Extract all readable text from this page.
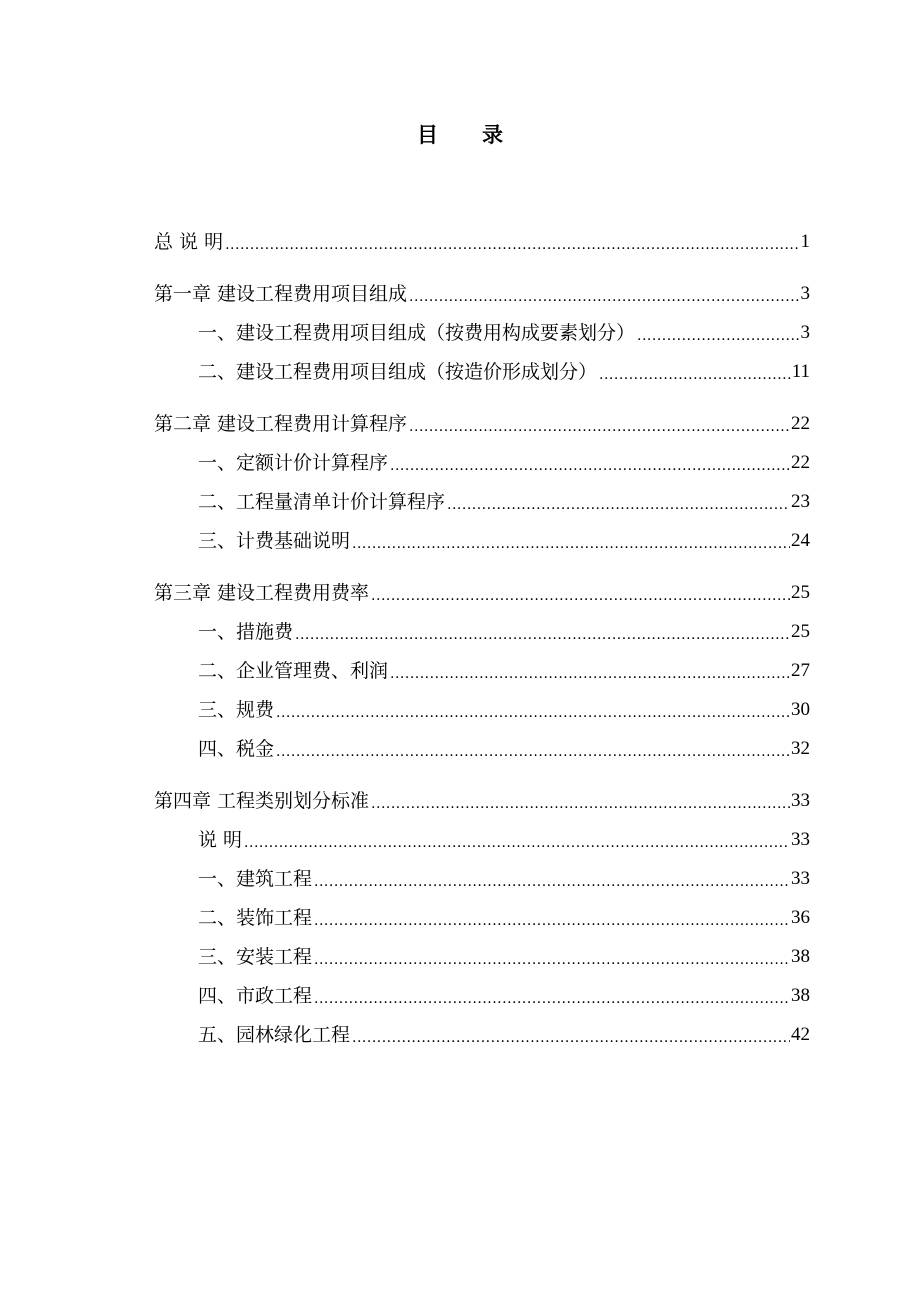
目 录
总 说 明 .....	1
第一章 建设工程费用项目组成 .....	3
一、建设工程费用项目组成（按费用构成要素划分） .....	3
二、建设工程费用项目组成（按造价形成划分） .....	11
第二章 建设工程费用计算程序 .....	22
一、定额计价计算程序 .....	22
二、工程量清单计价计算程序 .....	23
三、计费基础说明 .....	24
第三章 建设工程费用费率 .....	25
一、措施费 .....	25
二、企业管理费、利润 .....	27
三、规费 .....	30
四、税金 .....	32
第四章 工程类别划分标准 .....	33
说 明 .....	33
一、建筑工程 .....	33
二、装饰工程 .....	36
三、安装工程 .....	38
四、市政工程 .....	38
五、园林绿化工程 .....	42
